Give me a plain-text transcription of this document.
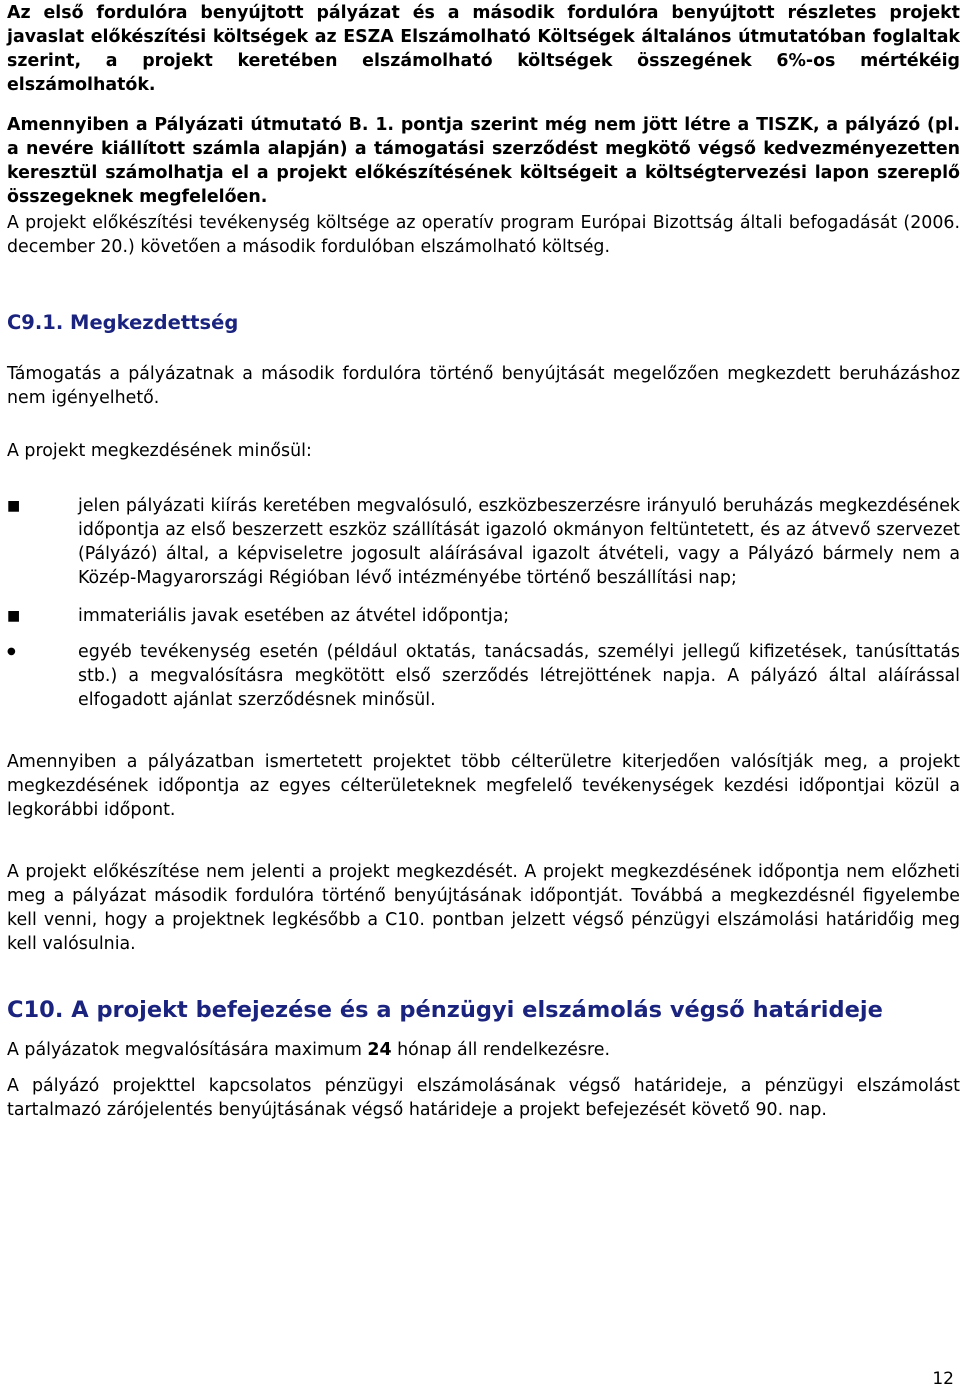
Az első fordulóra benyújtott pályázat és a második fordulóra benyújtott részletes projekt javaslat előkészítési költségek az ESZA Elszámolható Költségek általános útmutatóban foglaltak szerint, a projekt keretében elszámolható költségek összegének 6%-os mértékéig elszámolhatók.

Amennyiben a Pályázati útmutató B. 1. pontja szerint még nem jött létre a TISZK, a pályázó (pl. a nevére kiállított számla alapján) a támogatási szerződést megkötő végső kedvezményezetten keresztül számolhatja el a projekt előkészítésének költségeit a költségtervezési lapon szereplő összegeknek megfelelően.

A projekt előkészítési tevékenység költsége az operatív program Európai Bizottság általi befogadását (2006. december 20.) követően a második fordulóban elszámolható költség.

C9.1. Megkezdettség

Támogatás a pályázatnak a második fordulóra történő benyújtását megelőzően megkezdett beruházáshoz nem igényelhető.

A projekt megkezdésének minősül:

■	jelen pályázati kiírás keretében megvalósuló, eszközbeszerzésre irányuló beruházás megkezdésének időpontja az első beszerzett eszköz szállítását igazoló okmányon feltüntetett, és az átvevő szervezet (Pályázó) által, a képviseletre jogosult aláírásával igazolt átvételi, vagy a Pályázó bármely nem a Közép-Magyarországi Régióban lévő intézményébe történő beszállítási nap;

■	immateriális javak esetében az átvétel időpontja;

●	egyéb tevékenység esetén (például oktatás, tanácsadás, személyi jellegű kifizetések, tanúsíttatás stb.) a megvalósításra megkötött első szerződés létrejöttének napja. A pályázó által aláírással elfogadott ajánlat szerződésnek minősül.

Amennyiben a pályázatban ismertetett projektet több célterületre kiterjedően valósítják meg, a projekt megkezdésének időpontja az egyes célterületeknek megfelelő tevékenységek kezdési időpontjai közül a legkorábbi időpont.

A projekt előkészítése nem jelenti a projekt megkezdését. A projekt megkezdésének időpontja nem előzheti meg a pályázat második fordulóra történő benyújtásának időpontját. Továbbá a megkezdésnél figyelembe kell venni, hogy a projektnek legkésőbb a C10. pontban jelzett végső pénzügyi elszámolási határidőig meg kell valósulnia.

C10. A projekt befejezése és a pénzügyi elszámolás végső határideje

A pályázatok megvalósítására maximum 24 hónap áll rendelkezésre.

A pályázó projekttel kapcsolatos pénzügyi elszámolásának végső határideje, a pénzügyi elszámolást tartalmazó zárójelentés benyújtásának végső határideje a projekt befejezését követő 90. nap.

12
